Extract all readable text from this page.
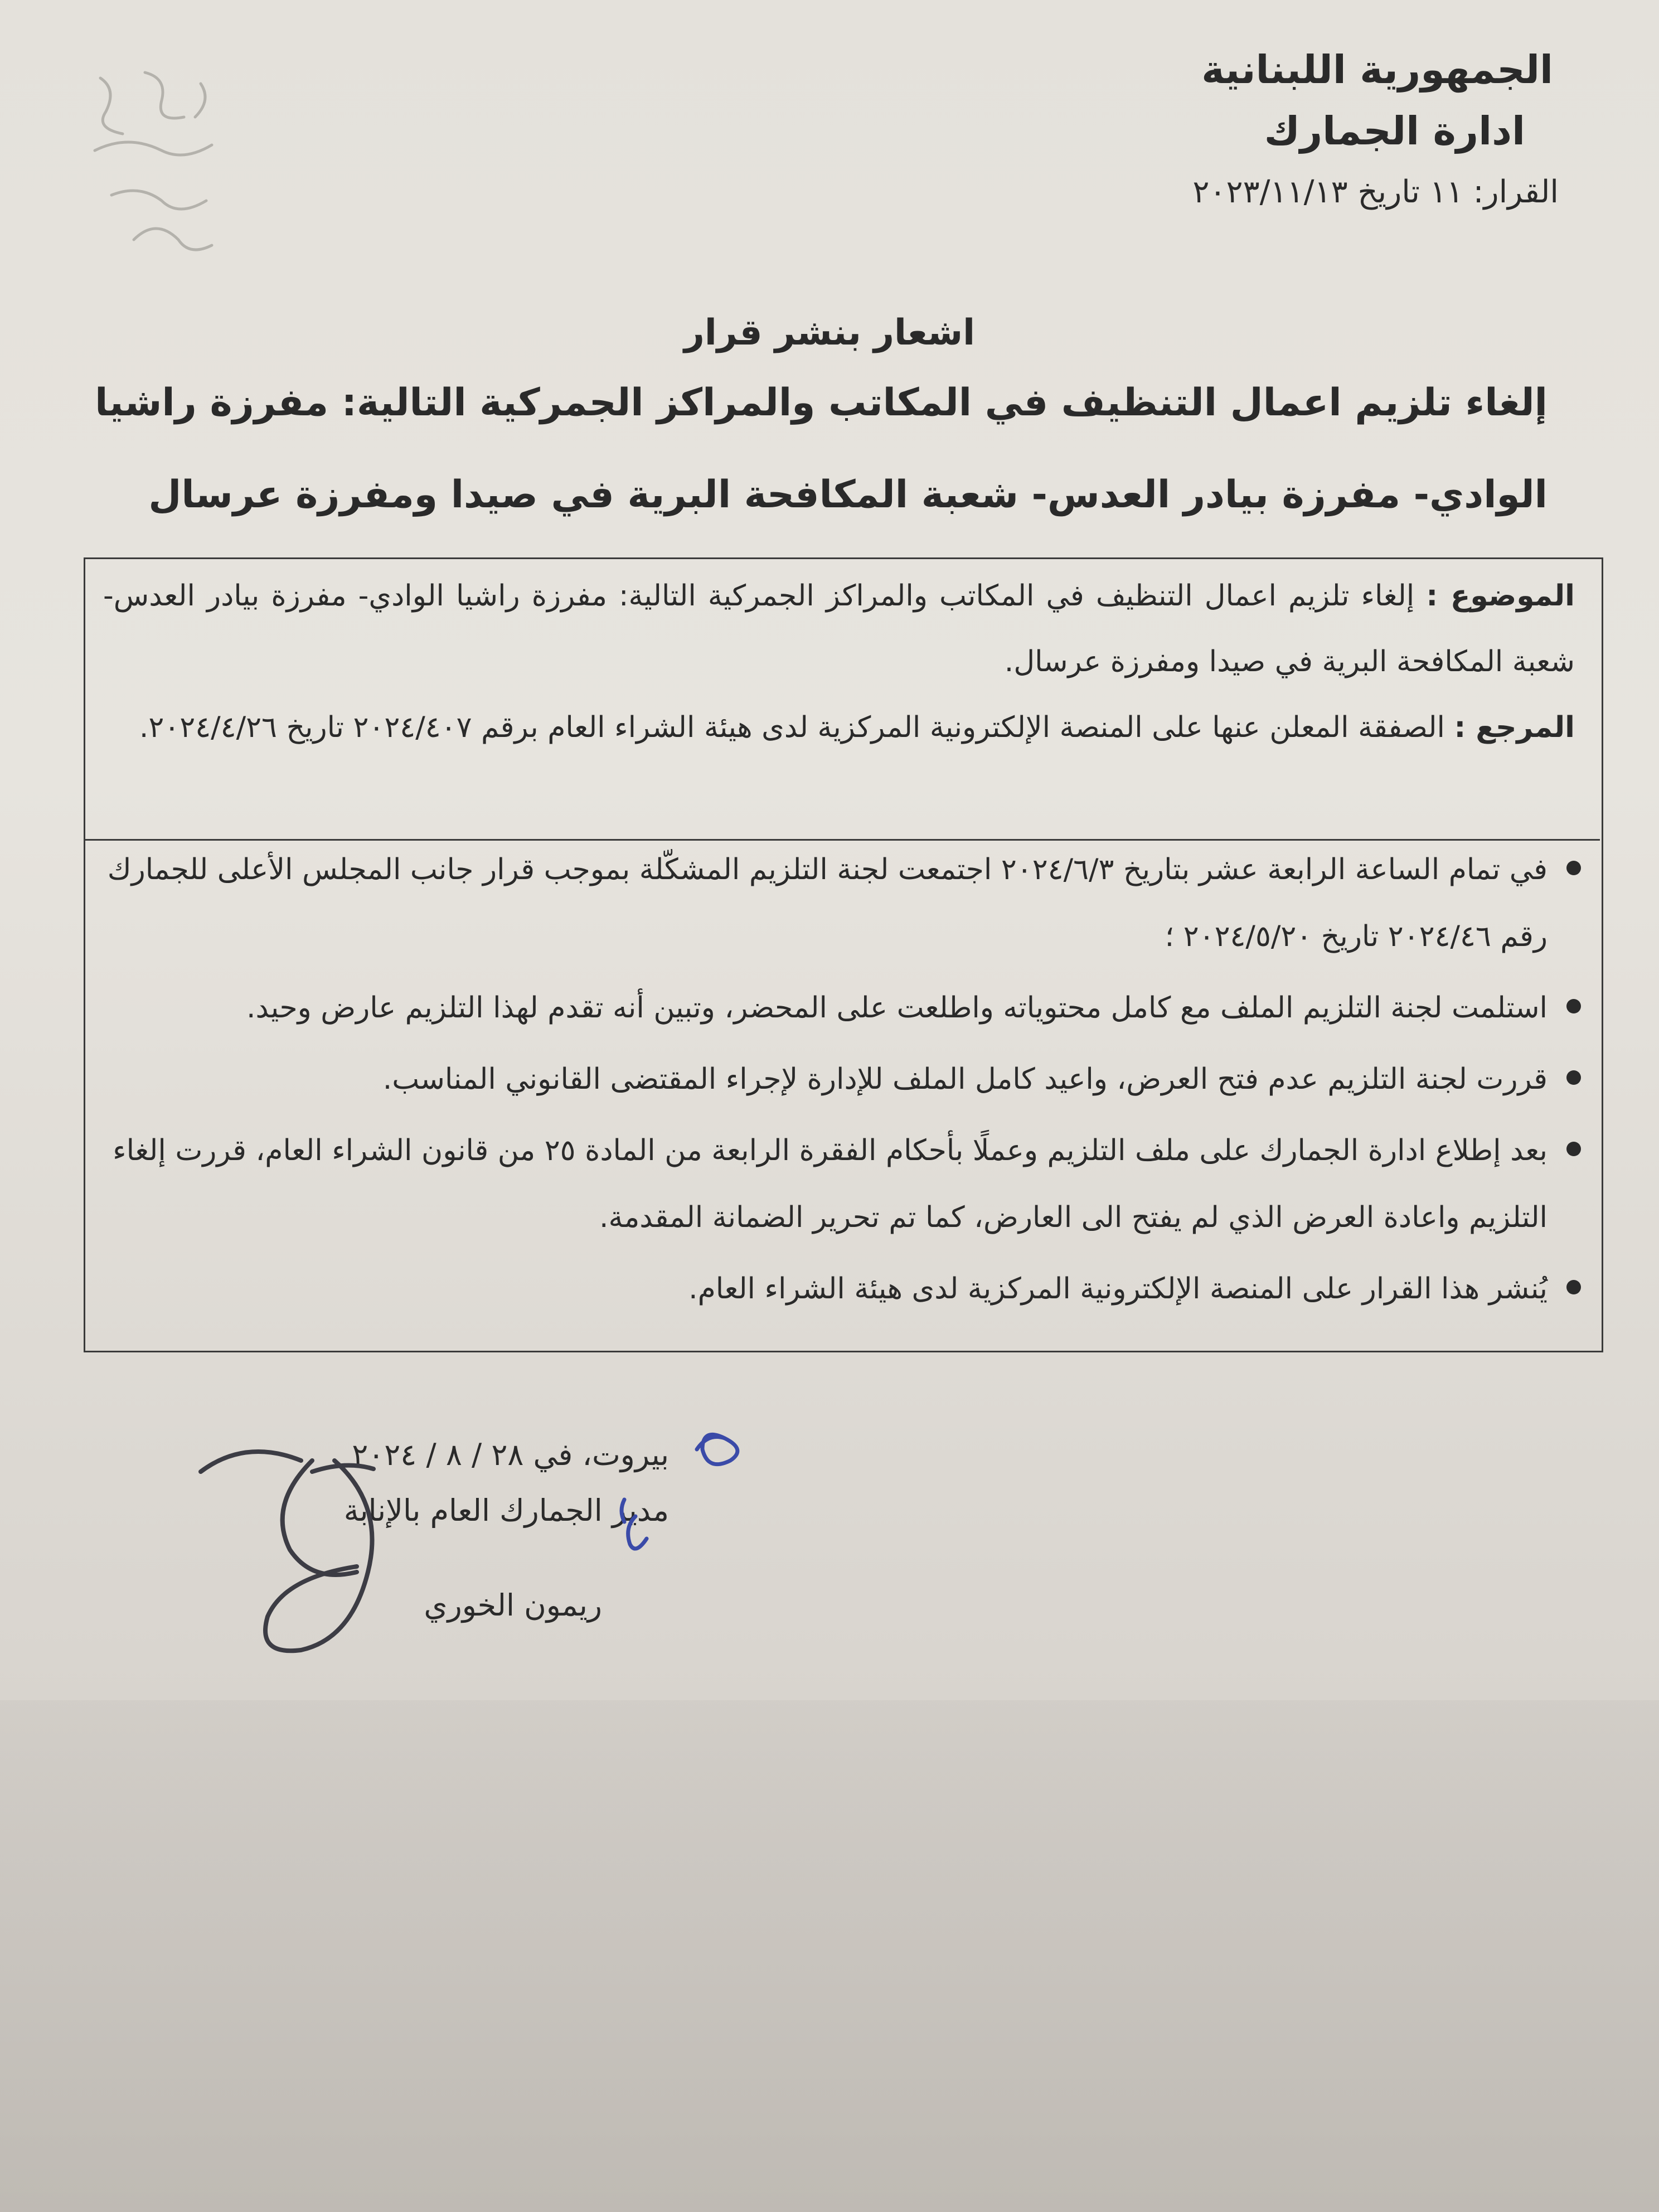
الجمهورية اللبنانية
ادارة الجمارك
القرار: ١١ تاريخ ٢٠٢٣/١١/١٣
اشعار بنشر قرار
إلغاء تلزيم اعمال التنظيف في المكاتب والمراكز الجمركية التالية: مفرزة راشيا الوادي- مفرزة بيادر العدس- شعبة المكافحة البرية في صيدا ومفرزة عرسال
الموضوع : إلغاء تلزيم اعمال التنظيف في المكاتب والمراكز الجمركية التالية: مفرزة راشيا الوادي- مفرزة بيادر العدس- شعبة المكافحة البرية في صيدا ومفرزة عرسال.
المرجع : الصفقة المعلن عنها على المنصة الإلكترونية المركزية لدى هيئة الشراء العام برقم ٢٠٢٤/٤٠٧ تاريخ ٢٠٢٤/٤/٢٦.
في تمام الساعة الرابعة عشر بتاريخ ٢٠٢٤/٦/٣ اجتمعت لجنة التلزيم المشكّلة بموجب قرار جانب المجلس الأعلى للجمارك رقم ٢٠٢٤/٤٦ تاريخ ٢٠٢٤/٥/٢٠ ؛
استلمت لجنة التلزيم الملف مع كامل محتوياته واطلعت على المحضر، وتبين أنه تقدم لهذا التلزيم عارض وحيد.
قررت لجنة التلزيم عدم فتح العرض، واعيد كامل الملف للإدارة لإجراء المقتضى القانوني المناسب.
بعد إطلاع ادارة الجمارك على ملف التلزيم وعملًا بأحكام الفقرة الرابعة من المادة ٢٥ من قانون الشراء العام، قررت إلغاء التلزيم واعادة العرض الذي لم يفتح الى العارض، كما تم تحرير الضمانة المقدمة.
يُنشر هذا القرار على المنصة الإلكترونية المركزية لدى هيئة الشراء العام.
بيروت، في ٢٨ / ٨ / ٢٠٢٤
مدير الجمارك العام بالإنابة
ريمون الخوري
